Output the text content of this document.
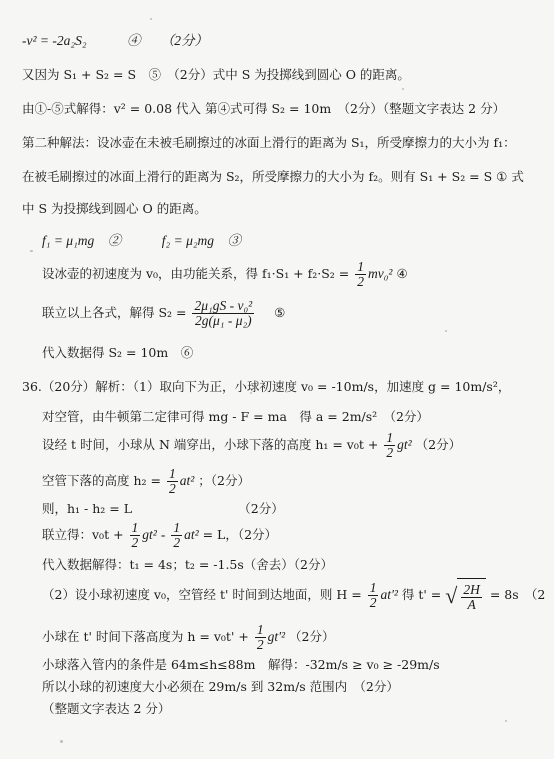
-v² = -2a₂S₂　　　④　　（2分）
又因为 S₁ + S₂ = S　⑤　（2分）式中 S 为投掷线到圆心 O 的距离。
由①-⑤式解得：v² = 0.08 代入 第④式可得 S₂ = 10m　（2分）（整题文字表达 2 分）
第二种解法：设冰壶在未被毛刷擦过的冰面上滑行的距离为 S₁，所受摩擦力的大小为 f₁：
在被毛刷擦过的冰面上滑行的距离为 S₂，所受摩擦力的大小为 f₂。则有 S₁ + S₂ = S ① 式
中 S 为投掷线到圆心 O 的距离。
f₁ = μ₁mg　②　　　f₂ = μ₂mg　③
设冰壶的初速度为 v₀，由功能关系，得 $f_1\cdot S_1 + f_2\cdot S_2 = \frac{1}{2} mv_0^2$ ④
联立以上各式，解得 $S_2 = \frac{\text{2μ₁gS - v₀²}}{\text{2g(μ₁ - μ₂)}}$ ⑤
代入数据得 S₂ = 10m　⑥
36.（20分）解析：（1）取向下为正，小球初速度 v₀ = -10m/s，加速度 g = 10m/s²，
对空管，由牛顿第二定律可得 mg - F = ma　得 a = 2m/s²　（2分）
设经 t 时间，小球从 N 端穿出，小球下落的高度 $h_1 = v_0t + \frac{1}{2} gt^2$ （2分）
空管下落的高度 $h_2 = \frac{1}{2} at^2$ ；（2分）
则，h₁ - h₂ = L　　　　　　　　　（2分）
联立得：$v_0t + \frac{1}{2} gt^2 - \frac{1}{2} at^2 = L$，（2分）
代入数据解得：t₁ = 4s；t₂ = -1.5s（舍去）（2分）
（2）设小球初速度 v₀，空管经 t' 时间到达地面，则 $H = \frac{1}{2} at'^2$ 得 t' = √ $\frac{2H}{A} = 8s$　（2
小球在 t' 时间下落高度为 $h = v_0t' + \frac{1}{2} gt'^2$ （2分）
小球落入管内的条件是 64m≤h≤88m　解得：-32m/s ≥ v₀ ≥ -29m/s
所以小球的初速度大小必须在 29m/s 到 32m/s 范围内　（2分）
（整题文字表达 2 分）
